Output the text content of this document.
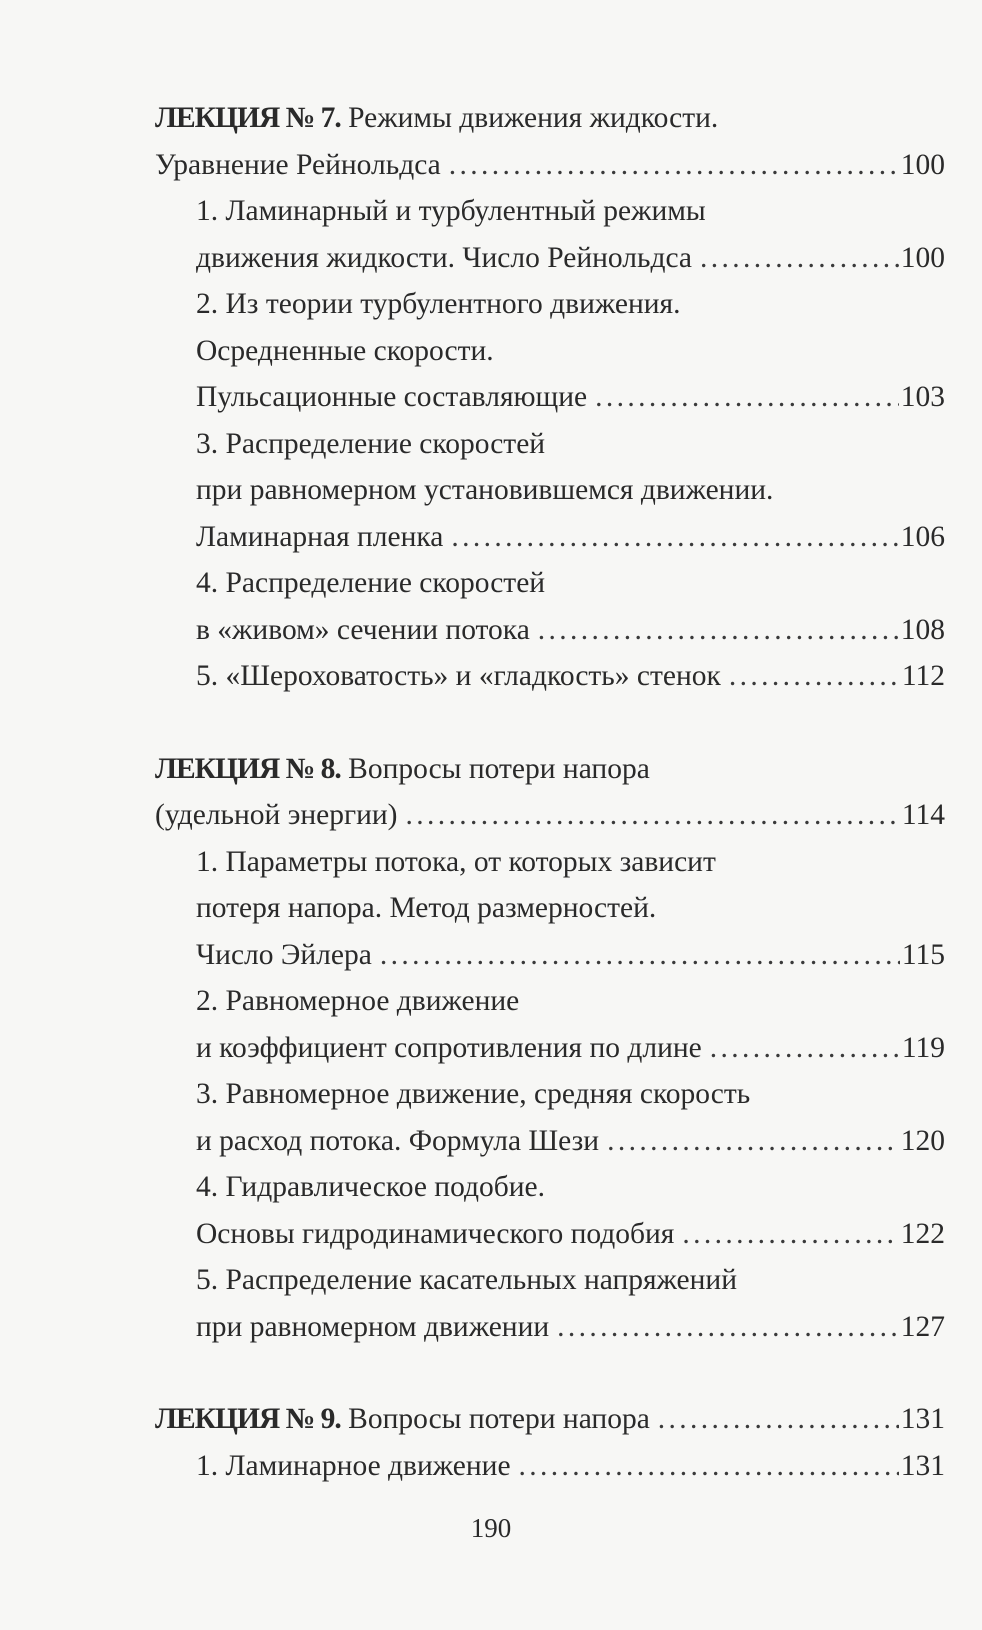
ЛЕКЦИЯ № 7. Режимы движения жидкости.
Уравнение Рейнольдса . . .	100
1. Ламинарный и турбулентный режимы
движения жидкости. Число Рейнольдса . . .	100
2. Из теории турбулентного движения.
Осредненные скорости.
Пульсационные составляющие . . .	103
3. Распределение скоростей
при равномерном установившемся движении.
Ламинарная пленка . . .	106
4. Распределение скоростей
в «живом» сечении потока . . .	108
5. «Шероховатость» и «гладкость» стенок . . .	112
ЛЕКЦИЯ № 8. Вопросы потери напора
(удельной энергии) . . .	114
1. Параметры потока, от которых зависит
потеря напора. Метод размерностей.
Число Эйлера . . .	115
2. Равномерное движение
и коэффициент сопротивления по длине . . .	119
3. Равномерное движение, средняя скорость
и расход потока. Формула Шези . . .	120
4. Гидравлическое подобие.
Основы гидродинамического подобия . . .	122
5. Распределение касательных напряжений
при равномерном движении . . .	127
ЛЕКЦИЯ № 9. Вопросы потери напора . . .	131
1. Ламинарное движение . . .	131
190
